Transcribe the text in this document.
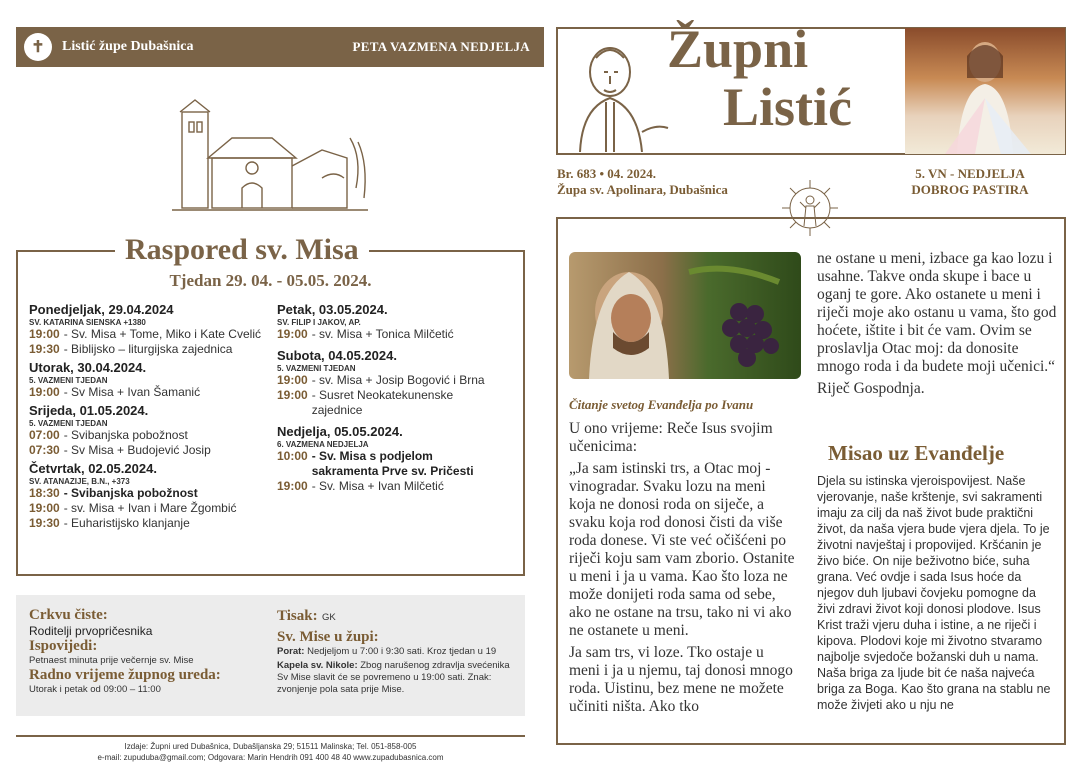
✝	Listić župe Dubašnica	PETA VAZMENA NEDJELJA
Raspored sv. Misa
Tjedan 29. 04. - 05.05. 2024.
Ponedjeljak, 29.04.2024
SV. KATARINA SIENSKA +1380
19:00 - Sv. Misa + Tome, Miko i Kate Cvelić
19:30 - Biblijsko – liturgijska zajednica
Utorak, 30.04.2024.
5. VAZMENI TJEDAN
19:00 - Sv Misa + Ivan Šamanić
Srijeda, 01.05.2024.
5. VAZMENI TJEDAN
07:00 - Svibanjska pobožnost
07:30 - Sv Misa + Budojević Josip
Četvrtak, 02.05.2024.
SV. ATANAZIJE, B.N., +373
18:30 - Svibanjska pobožnost
19:00 - sv. Misa + Ivan i Mare Žgombić
19:30 - Euharistijsko klanjanje
Petak, 03.05.2024.
SV. FILIP I JAKOV, AP.
19:00 - sv. Misa + Tonica Milčetić
Subota, 04.05.2024.
5. VAZMENI TJEDAN
19:00 - sv. Misa + Josip Bogović i Brna
19:00 - Susret Neokatekunenske zajednice
Nedjelja, 05.05.2024.
6. VAZMENA NEDJELJA
10:00 - Sv. Misa s podjelom sakramenta Prve sv. Pričesti
19:00 - Sv. Misa + Ivan Milčetić
Crkvu čiste:
Roditelji prvopričesnika
Ispovijedi:
Petnaest minuta prije večernje sv. Mise
Radno vrijeme župnog ureda:
Utorak i petak od 09:00 – 11:00
Tisak: GK
Sv. Mise u župi:
Porat: Nedjeljom u 7:00 i 9:30 sati. Kroz tjedan u 19
Kapela sv. Nikole: Zbog narušenog zdravlja svećenika Sv Mise slavit će se povremeno u 19:00 sati. Znak: zvonjenje pola sata prije Mise.
Izdaje: Župni ured Dubašnica, Dubašljanska 29; 51511 Malinska; Tel. 051-858-005
e-mail: zupuduba@gmail.com; Odgovara: Marin Hendrih 091 400 48 40 www.zupadubasnica.com
Župni
Listić
Br. 683 • 04. 2024.
Župa sv. Apolinara, Dubašnica
5. VN - NEDJELJA
DOBROG PASTIRA
Čitanje svetog Evanđelja po Ivanu

U ono vrijeme: Reče Isus svojim učenicima:

„Ja sam istinski trs, a Otac moj - vinogradar. Svaku lozu na meni koja ne donosi roda on siječe, a svaku koja rod donosi čisti da više roda donese. Vi ste već očišćeni po riječi koju sam vam zborio. Ostanite u meni i ja u vama. Kao što loza ne može donijeti roda sama od sebe, ako ne ostane na trsu, tako ni vi ako ne ostanete u meni.

Ja sam trs, vi loze. Tko ostaje u meni i ja u njemu, taj donosi mnogo roda. Uistinu, bez mene ne možete učiniti ništa. Ako tko

ne ostane u meni, izbace ga kao lozu i usahne. Takve onda skupe i bace u oganj te gore. Ako ostanete u meni i riječi moje ako ostanu u vama, što god hoćete, ištite i bit će vam. Ovim se proslavlja Otac moj: da donosite mnogo roda i da budete moji učenici.“

Riječ Gospodnja.

Misao uz Evanđelje
Djela su istinska vjeroispovijest. Naše vjerovanje, naše krštenje, svi sakramenti imaju za cilj da naš život bude praktični život, da naša vjera bude vjera djela. To je životni navještaj i propovijed. Kršćanin je živo biće. On nije beživotno biće, suha grana. Već ovdje i sada Isus hoće da njegov duh ljubavi čovjeku pomogne da živi zdravi život koji donosi plodove. Isus Krist traži vjeru duha i istine, a ne riječi i kipova. Plodovi koje mi životno stvaramo najbolje svjedoče božanski duh u nama. Naša briga za ljude bit će naša najveća briga za Boga. Kao što grana na stablu ne može živjeti ako u nju ne
